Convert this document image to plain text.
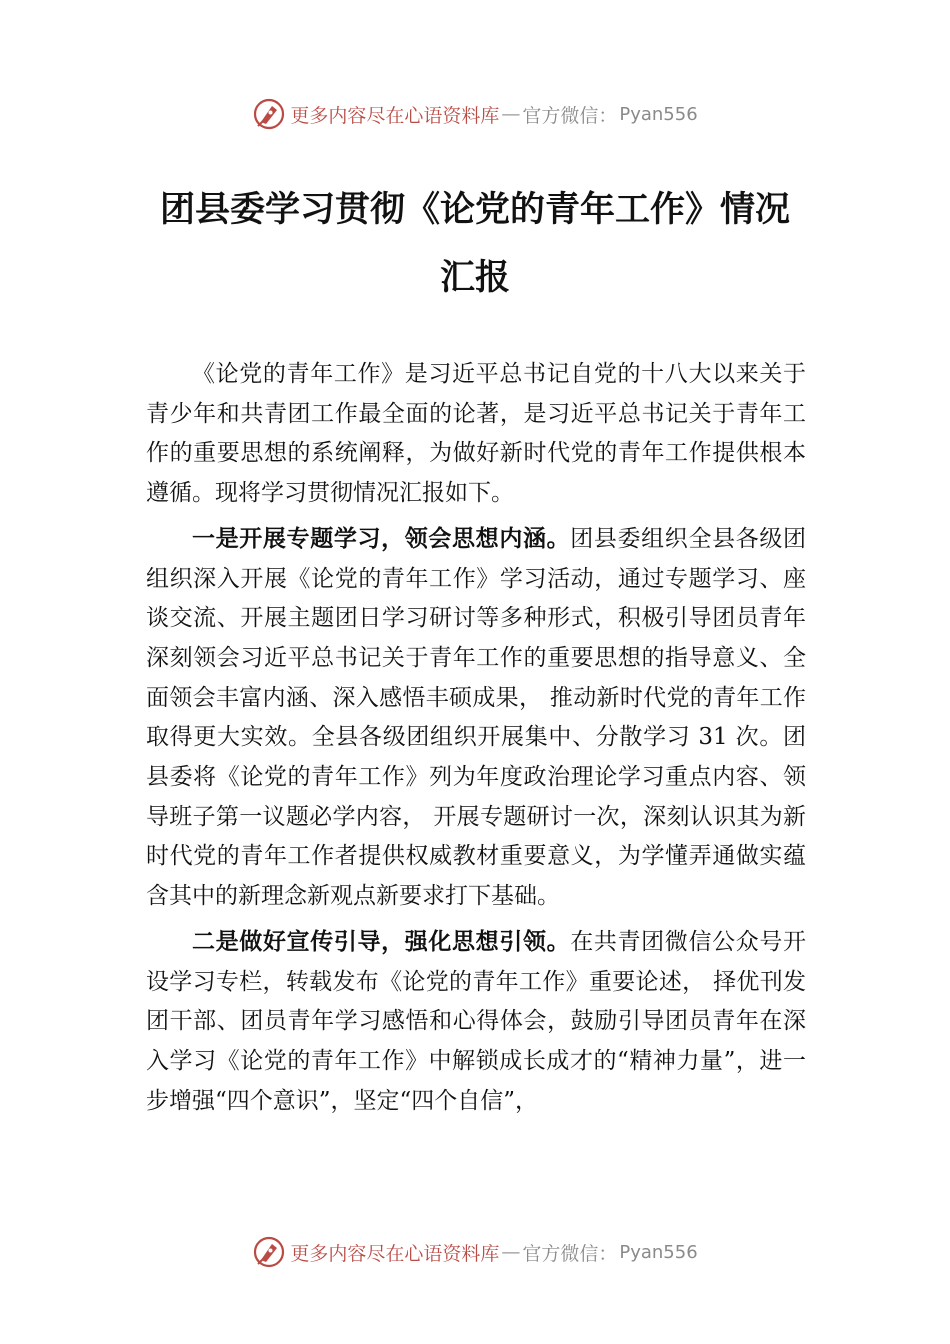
更多内容尽在心语资料库 — 官方微信： Pyan556
团县委学习贯彻《论党的青年工作》情况
汇报

《论党的青年工作》是习近平总书记自党的十八大以来关于青少年和共青团工作最全面的论著，是习近平总书记关于青年工作的重要思想的系统阐释，为做好新时代党的青年工作提供根本遵循。现将学习贯彻情况汇报如下。

一是开展专题学习，领会思想内涵。团县委组织全县各级团组织深入开展《论党的青年工作》学习活动，通过专题学习、座谈交流、开展主题团日学习研讨等多种形式，积极引导团员青年深刻领会习近平总书记关于青年工作的重要思想的指导意义、全面领会丰富内涵、深入感悟丰硕成果， 推动新时代党的青年工作取得更大实效。全县各级团组织开展集中、分散学习 31 次。团县委将《论党的青年工作》列为年度政治理论学习重点内容、领导班子第一议题必学内容， 开展专题研讨一次，深刻认识其为新时代党的青年工作者提供权威教材重要意义，为学懂弄通做实蕴含其中的新理念新观点新要求打下基础。

二是做好宣传引导，强化思想引领。在共青团微信公众号开设学习专栏，转载发布《论党的青年工作》重要论述， 择优刊发团干部、团员青年学习感悟和心得体会，鼓励引导团员青年在深入学习《论党的青年工作》中解锁成长成才的“精神力量”，进一步增强“四个意识”，坚定“四个自信”，

更多内容尽在心语资料库 — 官方微信： Pyan556
